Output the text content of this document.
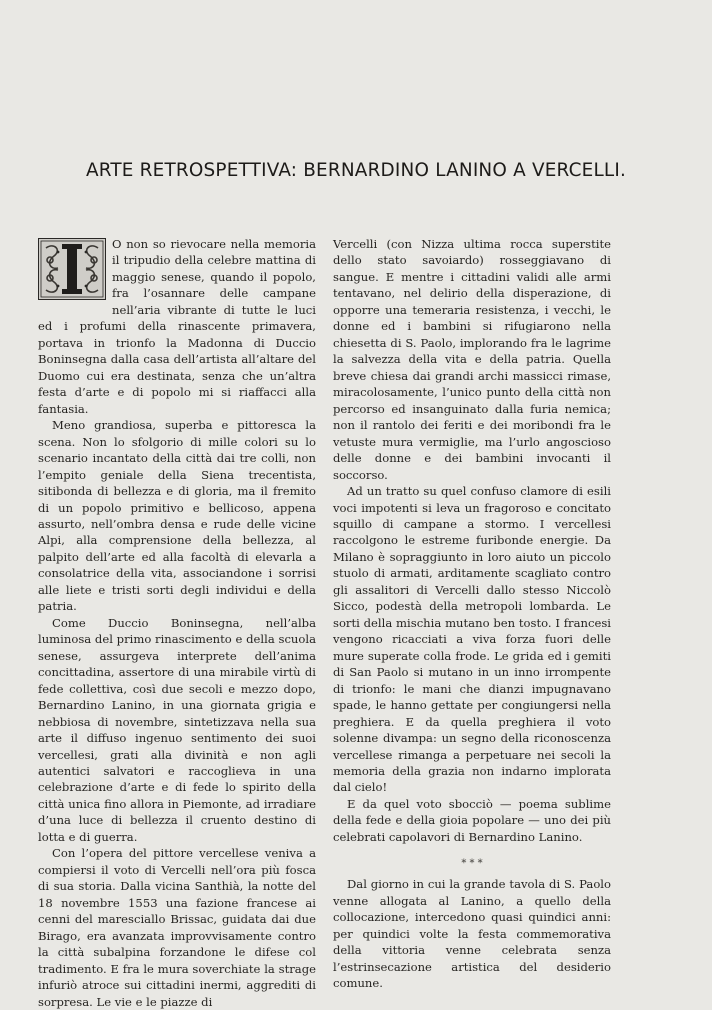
ARTE RETROSPETTIVA: BERNARDINO LANINO A VERCELLI.

I
O non so rievocare nella memoria il tripudio della celebre mattina di maggio senese, quando il popolo, fra l’osannare delle campane nell’aria vibrante di tutte le luci ed i profumi della rinascente primavera, portava in trionfo la Madonna di Duccio Boninsegna dalla casa dell’artista all’altare del Duomo cui era destinata, senza che un’altra festa d’arte e di popolo mi si riaffacci alla fantasia.

Meno grandiosa, superba e pittoresca la scena. Non lo sfolgorio di mille colori su lo scenario incantato della città dai tre colli, non l’empito geniale della Siena trecentista, sitibonda di bellezza e di gloria, ma il fremito di un popolo primitivo e bellicoso, appena assurto, nell’ombra densa e rude delle vicine Alpi, alla comprensione della bellezza, al palpito dell’arte ed alla facoltà di elevarla a consolatrice della vita, associandone i sorrisi alle liete e tristi sorti degli individui e della patria.

Come Duccio Boninsegna, nell’alba luminosa del primo rinascimento e della scuola senese, assurgeva interprete dell’anima concittadina, assertore di una mirabile virtù di fede collettiva, così due secoli e mezzo dopo, Bernardino Lanino, in una giornata grigia e nebbiosa di novembre, sintetizzava nella sua arte il diffuso ingenuo sentimento dei suoi vercellesi, grati alla divinità e non agli autentici salvatori e raccoglieva in una celebrazione d’arte e di fede lo spirito della città unica fino allora in Piemonte, ad irradiare d’una luce di bellezza il cruento destino di lotta e di guerra.

Con l’opera del pittore vercellese veniva a compiersi il voto di Vercelli nell’ora più fosca di sua storia. Dalla vicina Santhià, la notte del 18 novembre 1553 una fazione francese ai cenni del maresciallo Brissac, guidata dai due Birago, era avanzata improvvisamente contro la città subalpina forzandone le difese col tradimento. E fra le mura soverchiate la strage infuriò atroce sui cittadini inermi, aggrediti di sorpresa. Le vie e le piazze di

Vercelli (con Nizza ultima rocca superstite dello stato savoiardo) rosseggiavano di sangue. E mentre i cittadini validi alle armi tentavano, nel delirio della disperazione, di opporre una temeraria resistenza, i vecchi, le donne ed i bambini si rifugiarono nella chiesetta di S. Paolo, implorando fra le lagrime la salvezza della vita e della patria. Quella breve chiesa dai grandi archi massicci rimase, miracolosamente, l’unico punto della città non percorso ed insanguinato dalla furia nemica; non il rantolo dei feriti e dei moribondi fra le vetuste mura vermiglie, ma l’urlo angoscioso delle donne e dei bambini invocanti il soccorso.

Ad un tratto su quel confuso clamore di esili voci impotenti si leva un fragoroso e concitato squillo di campane a stormo. I vercellesi raccolgono le estreme furibonde energie. Da Milano è sopraggiunto in loro aiuto un piccolo stuolo di armati, arditamente scagliato contro gli assalitori di Vercelli dallo stesso Niccolò Sicco, podestà della metropoli lombarda. Le sorti della mischia mutano ben tosto. I francesi vengono ricacciati a viva forza fuori delle mure superate colla frode. Le grida ed i gemiti di San Paolo si mutano in un inno irrompente di trionfo: le mani che dianzi impugnavano spade, le hanno gettate per congiungersi nella preghiera. E da quella preghiera il voto solenne divampa: un segno della riconoscenza vercellese rimanga a perpetuare nei secoli la memoria della grazia non indarno implorata dal cielo!

E da quel voto sbocciò — poema sublime della fede e della gioia popolare — uno dei più celebrati capolavori di Bernardino Lanino.

* * *

Dal giorno in cui la grande tavola di S. Paolo venne allogata al Lanino, a quello della collocazione, intercedono quasi quindici anni: per quindici volte la festa commemorativa della vittoria venne celebrata senza l’estrinsecazione artistica del desiderio comune.
